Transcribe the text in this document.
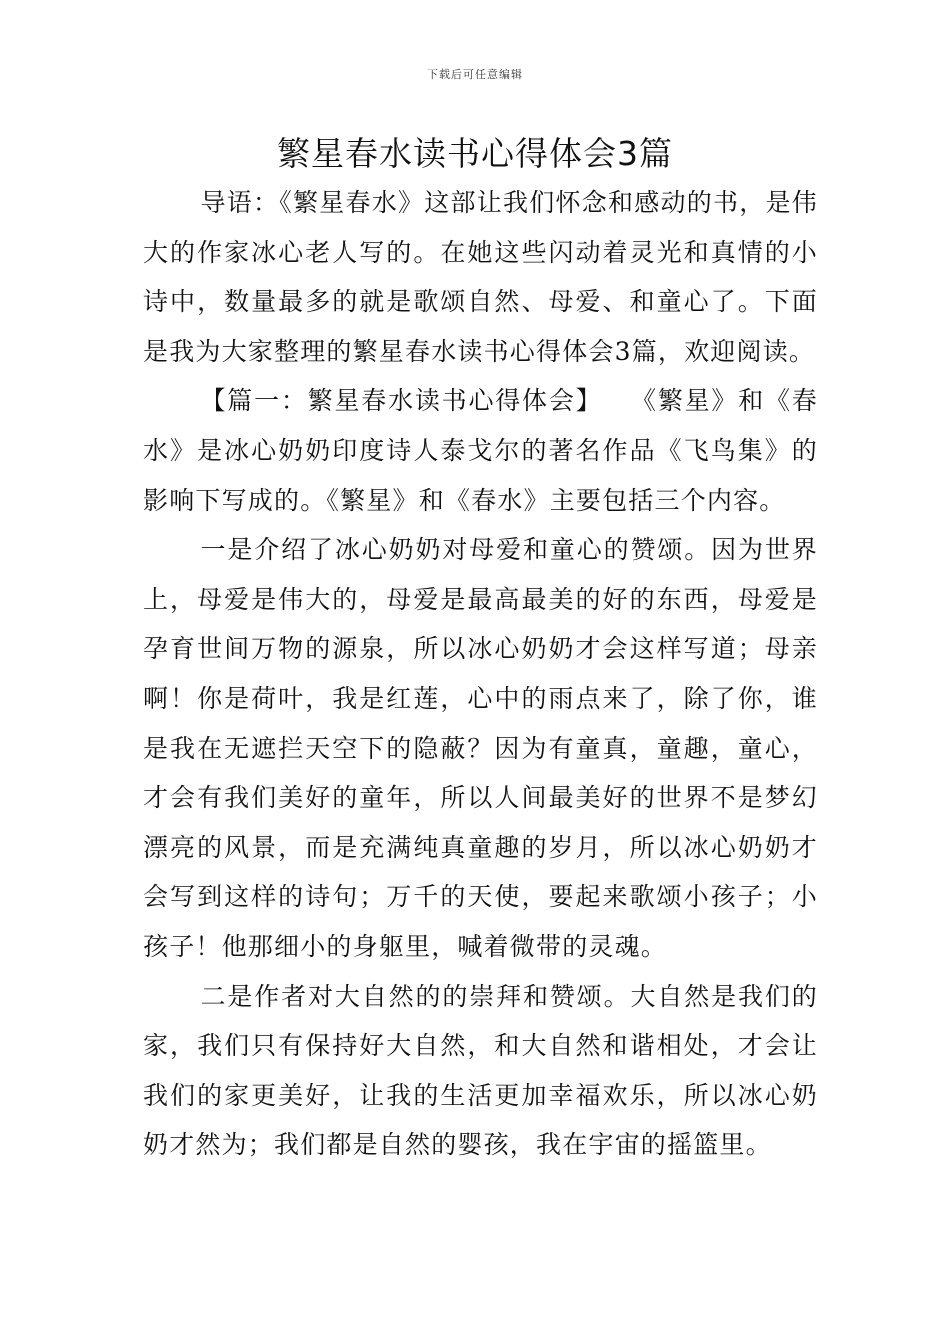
下载后可任意编辑
繁星春水读书心得体会3篇

导语：《繁星春水》这部让我们怀念和感动的书，是伟大的作家冰心老人写的。在她这些闪动着灵光和真情的小诗中，数量最多的就是歌颂自然、母爱、和童心了。下面是我为大家整理的繁星春水读书心得体会3篇，欢迎阅读。

【篇一：繁星春水读书心得体会】　　《繁星》和《春水》是冰心奶奶印度诗人泰戈尔的著名作品《飞鸟集》的影响下写成的。《繁星》和《春水》主要包括三个内容。

一是介绍了冰心奶奶对母爱和童心的赞颂。因为世界上，母爱是伟大的，母爱是最高最美的好的东西，母爱是孕育世间万物的源泉，所以冰心奶奶才会这样写道；母亲啊！你是荷叶，我是红莲，心中的雨点来了，除了你，谁是我在无遮拦天空下的隐蔽？因为有童真，童趣，童心，才会有我们美好的童年，所以人间最美好的世界不是梦幻漂亮的风景，而是充满纯真童趣的岁月，所以冰心奶奶才会写到这样的诗句；万千的天使，要起来歌颂小孩子；小孩子！他那细小的身躯里，喊着微带的灵魂。

二是作者对大自然的的崇拜和赞颂。大自然是我们的家，我们只有保持好大自然，和大自然和谐相处，才会让我们的家更美好，让我的生活更加幸福欢乐，所以冰心奶奶才然为；我们都是自然的婴孩，我在宇宙的摇篮里。
